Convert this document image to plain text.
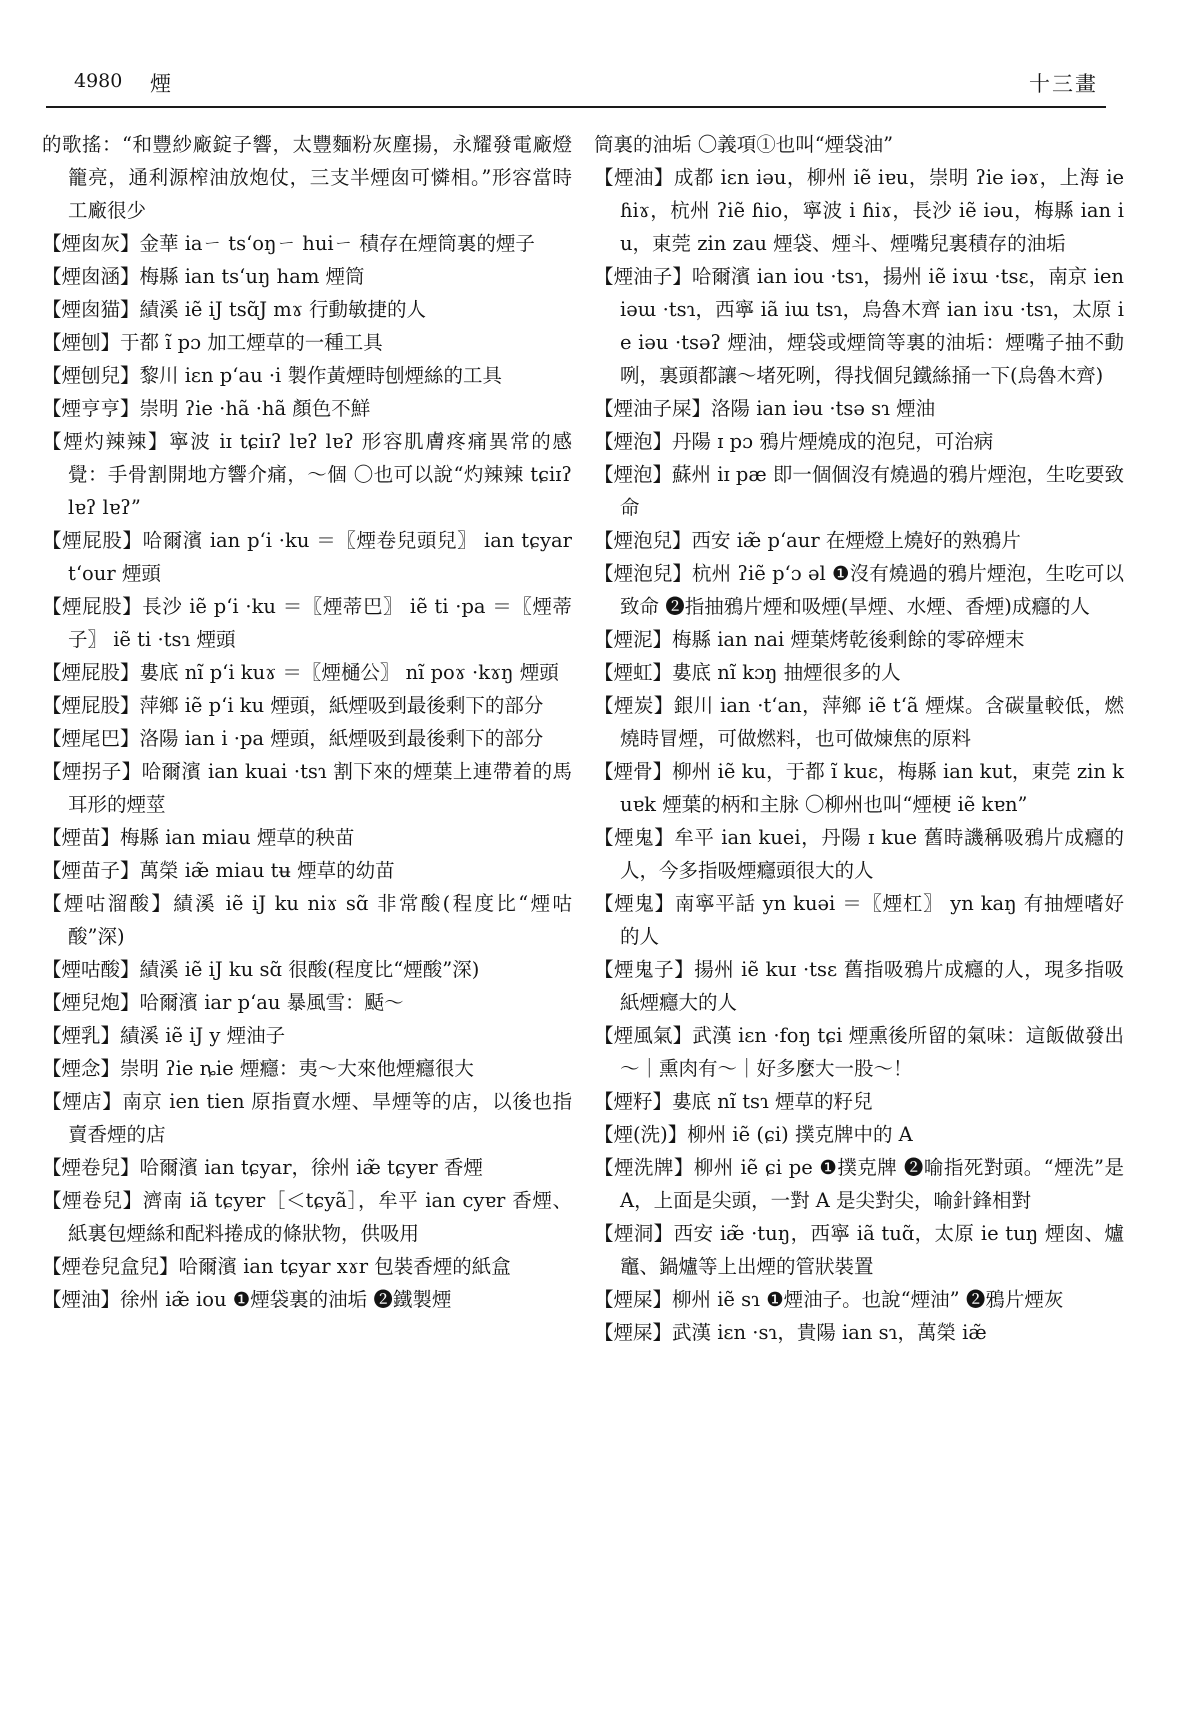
4980 煙	十三畫

的歌搖：“和豐紗廠錠子響，太豐麵粉灰塵揚，永耀發電廠燈籠亮，通利源榨油放炮仗，三支半煙囱可憐相。”形容當時工廠很少

【煙囱灰】金華 iaㄧ tsʻoŋㄧ huiㄧ 積存在煙筒裏的煙子

【煙囱涵】梅縣 ian tsʻuŋ ham 煙筒

【煙囱猫】績溪 iẽ iJ tsɑ̃J mɤ 行動敏捷的人

【煙刨】于都 ĩ pɔ 加工煙草的一種工具

【煙刨兒】黎川 iɛn pʻau ·i 製作黃煙時刨煙絲的工具

【煙亨亨】崇明 ʔie ·hã ·hã 顏色不鮮

【煙灼辣辣】寧波 iɪ tɕiɪʔ lɐʔ lɐʔ 形容肌膚疼痛異常的感覺：手骨割開地方響介痛，～個 〇也可以說“灼辣辣 tɕiɪʔ lɐʔ lɐʔ”

【煙屁股】哈爾濱 ian pʻi ·ku ＝〖煙卷兒頭兒〗 ian tɕyar tʻour 煙頭

【煙屁股】長沙 iẽ pʻi ·ku ＝〖煙蒂巴〗 iẽ ti ·pa ＝〖煙蒂子〗 iẽ ti ·tsɿ 煙頭

【煙屁股】婁底 nĩ pʻi kuɤ ＝〖煙樋公〗 nĩ poɤ ·kɤŋ 煙頭

【煙屁股】萍鄉 iẽ pʻi ku 煙頭，紙煙吸到最後剩下的部分

【煙尾巴】洛陽 ian i ·pa 煙頭，紙煙吸到最後剩下的部分

【煙拐子】哈爾濱 ian kuai ·tsɿ 割下來的煙葉上連帶着的馬耳形的煙莖

【煙苗】梅縣 ian miau 煙草的秧苗

【煙苗子】萬榮 iæ̃ miau tʉ 煙草的幼苗

【煙咕溜酸】績溪 iẽ iJ ku niɤ sɑ̃ 非常酸(程度比“煙咕酸”深)

【煙咕酸】績溪 iẽ iJ ku sɑ̃ 很酸(程度比“煙酸”深)

【煙兒炮】哈爾濱 iar pʻau 暴風雪：颳～

【煙乳】績溪 iẽ iJ y 煙油子

【煙念】崇明 ʔie ȵie 煙癮：夷～大來他煙癮很大

【煙店】南京 ien tien 原指賣水煙、旱煙等的店，以後也指賣香煙的店

【煙卷兒】哈爾濱 ian tɕyar，徐州 iæ̃ tɕyɐr 香煙

【煙卷兒】濟南 iã tɕyɐr［＜tɕyã］，牟平 ian cyɐr 香煙、紙裏包煙絲和配料捲成的條狀物，供吸用

【煙卷兒盒兒】哈爾濱 ian tɕyar xɤr 包裝香煙的紙盒

【煙油】徐州 iæ̃ iou ❶煙袋裏的油垢 ❷鐵製煙

筒裏的油垢 〇義項①也叫“煙袋油”

【煙油】成都 iɛn iəu，柳州 iẽ iɐu，崇明 ʔie iəɤ，上海 ie ɦiɤ，杭州 ʔiẽ ɦio，寧波 i ɦiɤ，長沙 iẽ iəu，梅縣 ian iu，東莞 zin zau 煙袋、煙斗、煙嘴兒裏積存的油垢

【煙油子】哈爾濱 ian iou ·tsɿ，揚州 iẽ iɤɯ ·tsɛ，南京 ien iəɯ ·tsɿ，西寧 iã iɯ tsɿ，烏魯木齊 ian iɤu ·tsɿ，太原 ie iəu ·tsəʔ 煙油，煙袋或煙筒等裏的油垢：煙嘴子抽不動咧，裏頭都讓～堵死咧，得找個兒鐵絲捅一下(烏魯木齊)

【煙油子屎】洛陽 ian iəu ·tsə sɿ 煙油

【煙泡】丹陽 ɪ pɔ 鴉片煙燒成的泡兒，可治病

【煙泡】蘇州 iɪ pæ 即一個個沒有燒過的鴉片煙泡，生吃要致命

【煙泡兒】西安 iæ̃ pʻaur 在煙燈上燒好的熟鴉片

【煙泡兒】杭州 ʔiẽ pʻɔ əl ❶沒有燒過的鴉片煙泡，生吃可以致命 ❷指抽鴉片煙和吸煙(旱煙、水煙、香煙)成癮的人

【煙泥】梅縣 ian nai 煙葉烤乾後剩餘的零碎煙末

【煙虹】婁底 nĩ kɔŋ 抽煙很多的人

【煙炭】銀川 ian ·tʻan，萍鄉 iẽ tʻã 煙煤。含碳量較低，燃燒時冒煙，可做燃料，也可做煉焦的原料

【煙骨】柳州 iẽ ku，于都 ĩ kuɛ，梅縣 ian kut，東莞 zin kuɐk 煙葉的柄和主脉 〇柳州也叫“煙梗 iẽ kɐn”

【煙鬼】牟平 ian kuei，丹陽 ɪ kue 舊時譏稱吸鴉片成癮的人，今多指吸煙癮頭很大的人

【煙鬼】南寧平話 yn kuəi ＝〖煙杠〗 yn kaŋ 有抽煙嗜好的人

【煙鬼子】揚州 iẽ kuɪ ·tsɛ 舊指吸鴉片成癮的人，現多指吸紙煙癮大的人

【煙風氣】武漢 iɛn ·foŋ tɕi 煙熏後所留的氣味：這飯做發出～｜熏肉有～｜好多麼大一股～！

【煙籽】婁底 nĩ tsɿ 煙草的籽兒

【煙(洗)】柳州 iẽ (ɕi) 撲克牌中的 A

【煙洗牌】柳州 iẽ ɕi pe ❶撲克牌 ❷喻指死對頭。“煙洗”是 A，上面是尖頭，一對 A 是尖對尖，喻針鋒相對

【煙洞】西安 iæ̃ ·tuŋ，西寧 iã tuɑ̃，太原 ie tuŋ 煙囱、爐竈、鍋爐等上出煙的管狀裝置

【煙屎】柳州 iẽ sɿ ❶煙油子。也說“煙油” ❷鴉片煙灰

【煙屎】武漢 iɛn ·sɿ，貴陽 ian sɿ，萬榮 iæ̃
